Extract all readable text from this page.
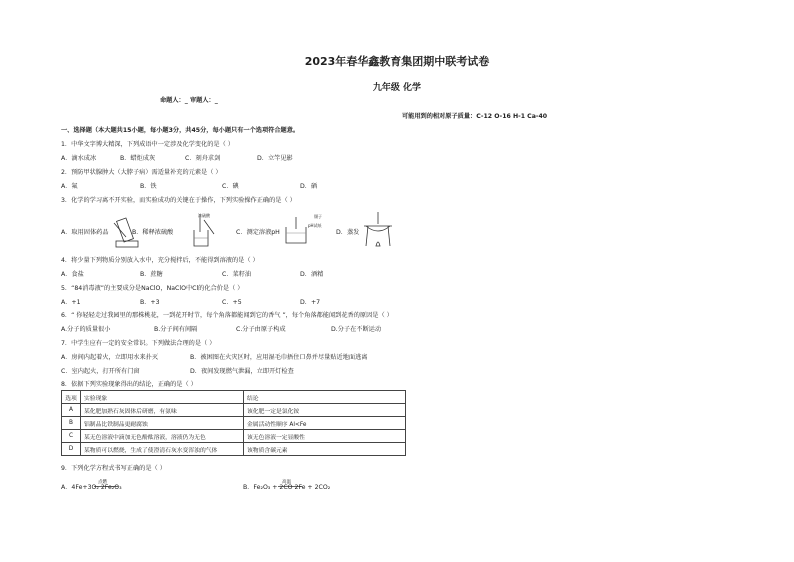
2023年春华鑫教育集团期中联考试卷
九年级 化学
命题人：_ 审题人：_
可能用到的相对原子质量：C-12 O-16 H-1 Ca-40
一、选择题（本大题共15小题，每小题3分，共45分，每小题只有一个选项符合题意。
1．中华文字博大精深，下列成语中一定涉及化学变化的是（ ）
A．滴水成冰	B．蜡炬成灰	C．刻舟求剑	D．立竿见影
2．预防甲状腺肿大（大脖子病）需适量补充的元素是（ ）
A．氟	B．铁	C．碘	D．硒
3．化学的学习离不开实验，而实验成功的关键在于操作，下列实验操作正确的是（ ）
A．取用固体药品
浓硫酸
B．稀释浓硫酸
镊子
pH试纸
C．测定溶液pH	D．蒸发
4．将少量下列物质分别放入水中，充分搅拌后，不能得到溶液的是（ ）
A．食盐	B．蔗糖	C．菜籽油	D．酒精
5．“84消毒液”的主要成分是NaClO，NaClO中Cl的化合价是（ ）
A．+1	B．+3	C．+5	D．+7
6．“ 你轻轻走过我园里的那株桃花，一到花开时节，每个角落都能闻到它的香气 ”，每个角落都能闻到花香的原因是（ ）
A.分子的质量很小	B.分子间有间隔	C.分子由原子构成	D.分子在不断运动
7．中学生应有一定的安全常识。下列做法合理的是（ ）
A．房间内起着火，立即用水来扑灭	B．被困图在火灾区时，应用湿毛巾捂住口鼻并尽量贴近地面逃离
C．室内起火，打开所有门窗	D．夜间发现燃气泄漏，立即开灯检查
8．依据下列实验现象得出的结论，正确的是（ ）
选项	实验现象	结论
A	某化肥加熟石灰固体后研磨，有氨味	该化肥一定是氯化铵
B	铝制品比铁制品更耐腐蚀	金属活动性顺序 Al<Fe
C	某无色溶液中滴加无色酚酞溶液，溶液仍为无色	该无色溶液一定显酸性
D	某物质可以燃烧，生成了使澄清石灰水变浑浊的气体	该物质含碳元素
9．下列化学方程式书写正确的是（ ）
点燃	高温
A．4Fe+3O₂ 2Fe₂O₃	B．Fe₂O₃ + 2CO 2Fe + 2CO₂
